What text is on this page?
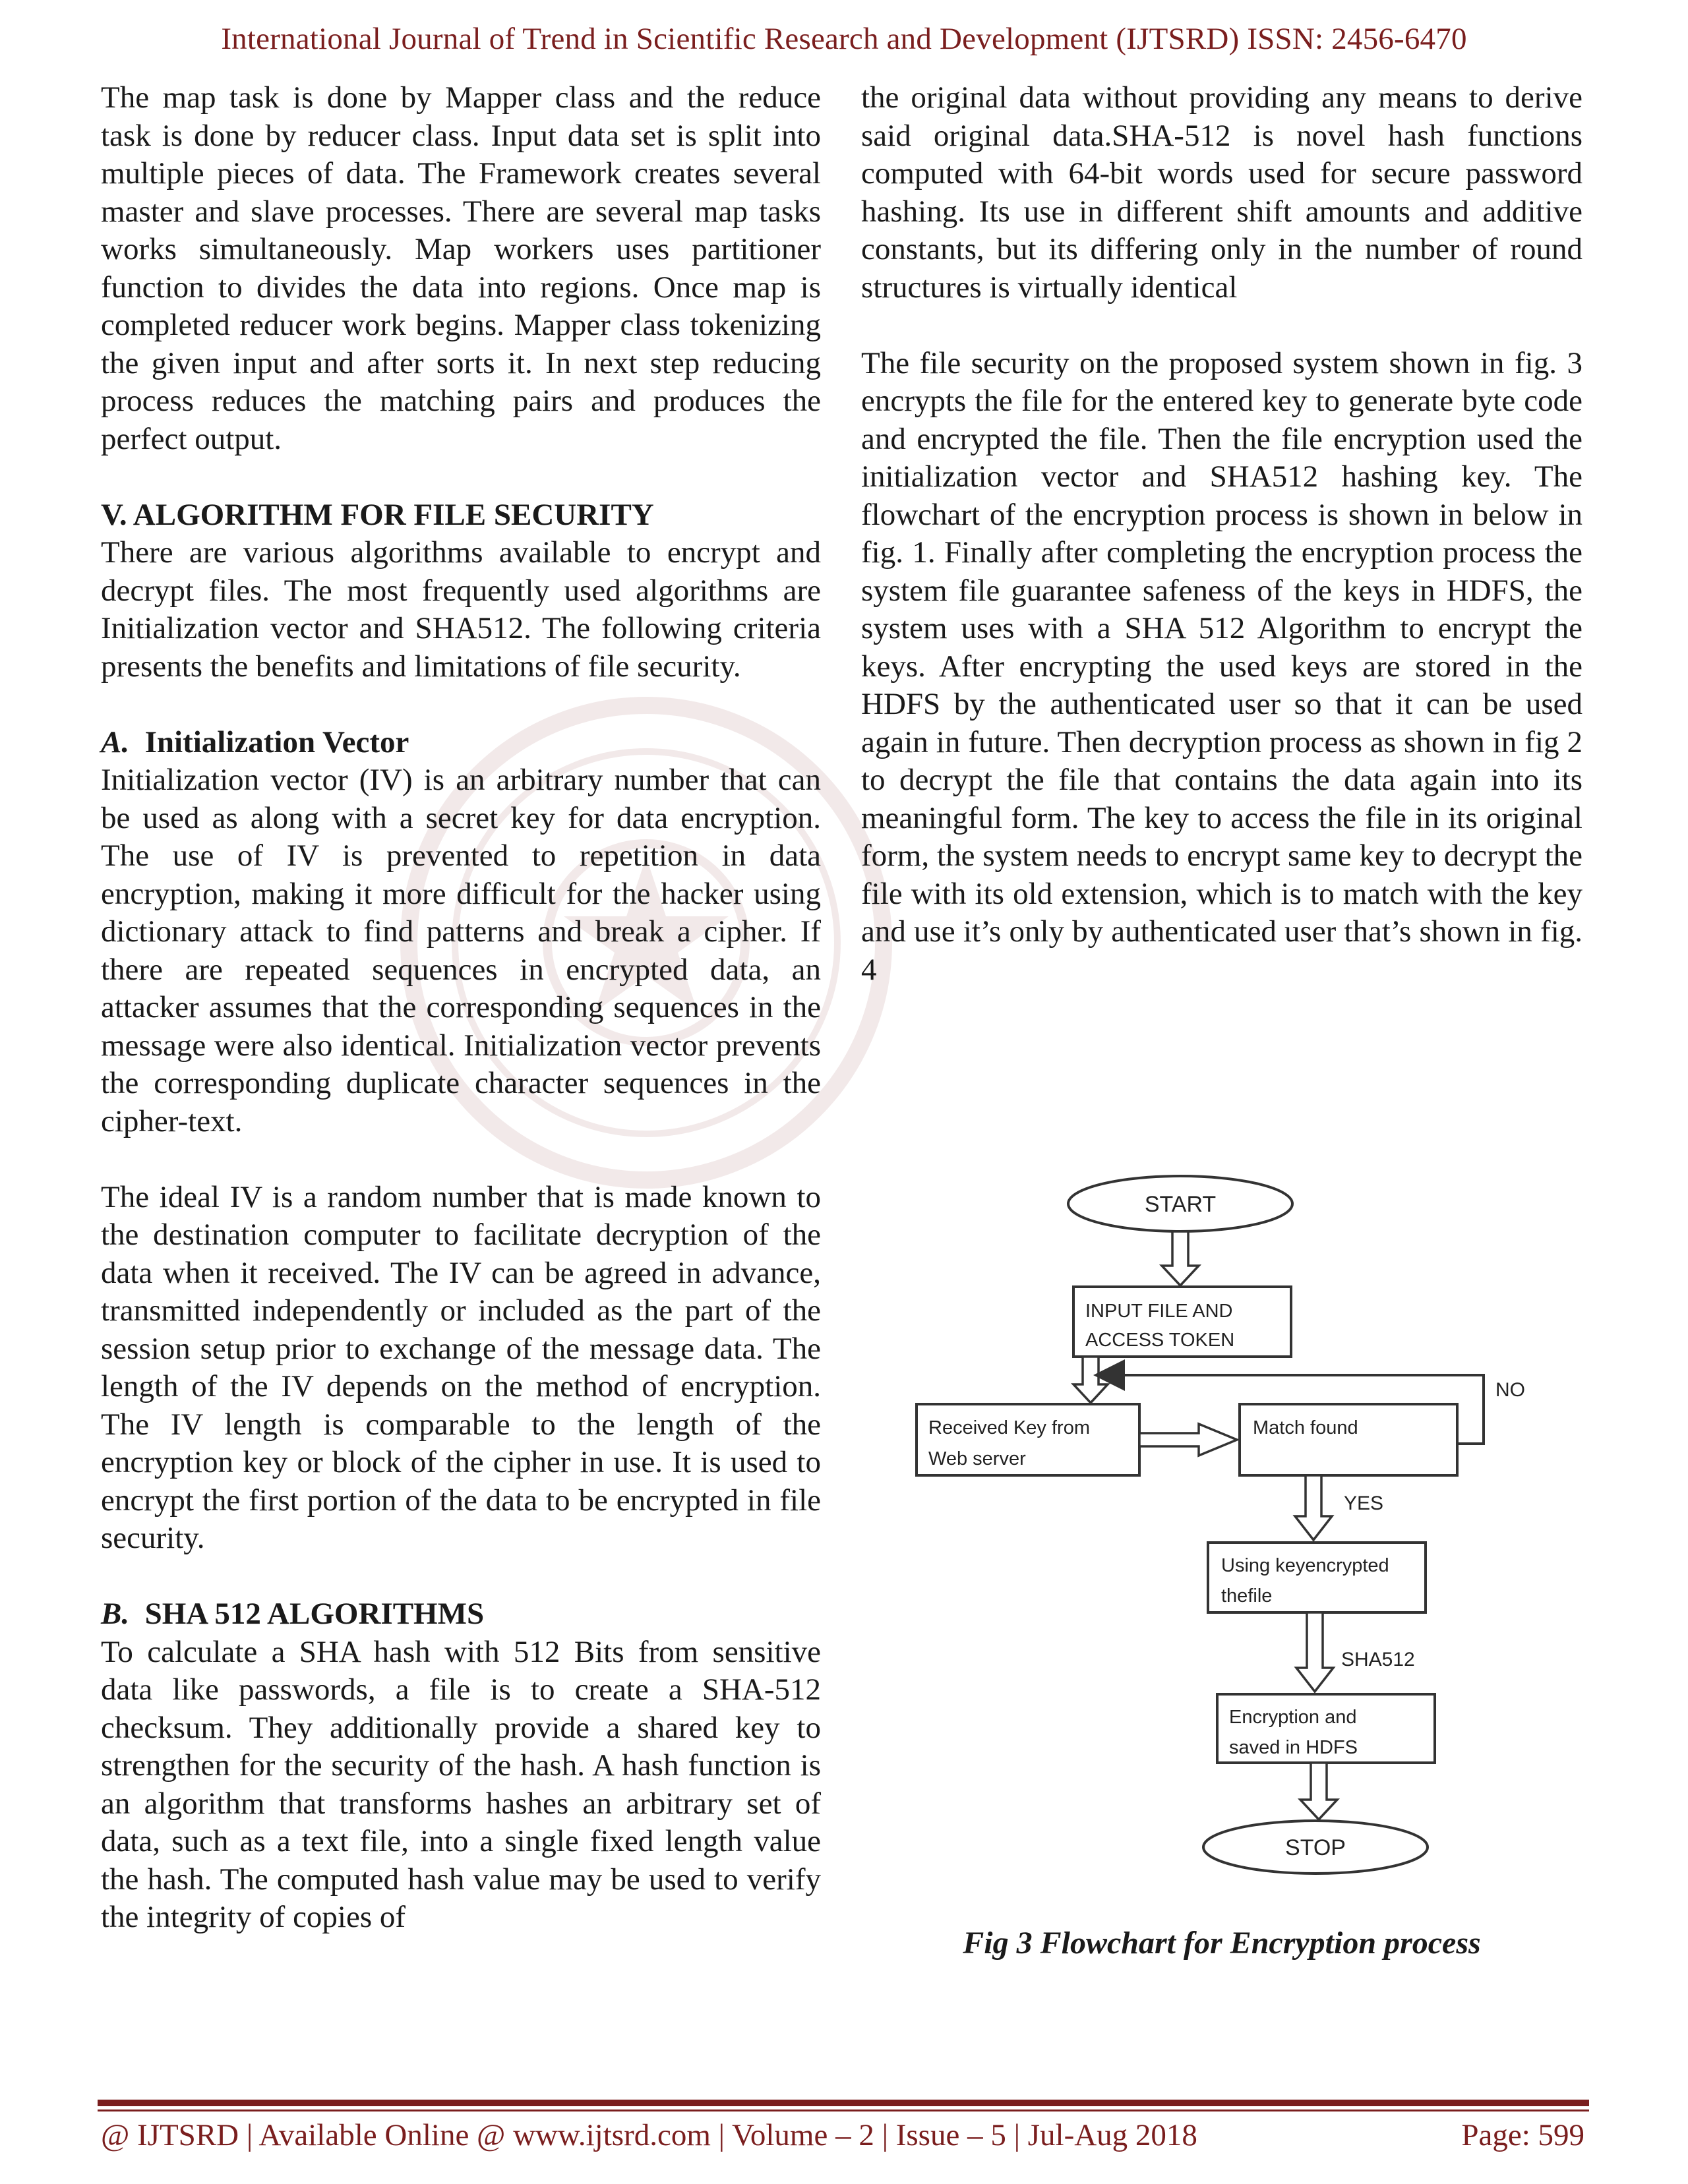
International Journal of Trend in Scientific Research and Development (IJTSRD) ISSN: 2456-6470

The map task is done by Mapper class and the reduce task is done by reducer class. Input data set is split into multiple pieces of data. The Framework creates several master and slave processes. There are several map tasks works simultaneously. Map workers uses partitioner function to divides the data into regions. Once map is completed reducer work begins. Mapper class tokenizing the given input and after sorts it. In next step reducing process reduces the matching pairs and produces the perfect output.

V. ALGORITHM FOR FILE SECURITY

There are various algorithms available to encrypt and decrypt files. The most frequently used algorithms are Initialization vector and SHA512. The following criteria presents the benefits and limitations of file security.

A. Initialization Vector

Initialization vector (IV) is an arbitrary number that can be used as along with a secret key for data encryption. The use of IV is prevented to repetition in data encryption, making it more difficult for the hacker using dictionary attack to find patterns and break a cipher. If there are repeated sequences in encrypted data, an attacker assumes that the corresponding sequences in the message were also identical. Initialization vector prevents the corresponding duplicate character sequences in the cipher-text.

The ideal IV is a random number that is made known to the destination computer to facilitate decryption of the data when it received. The IV can be agreed in advance, transmitted independently or included as the part of the session setup prior to exchange of the message data. The length of the IV depends on the method of encryption. The IV length is comparable to the length of the encryption key or block of the cipher in use. It is used to encrypt the first portion of the data to be encrypted in file security.

B. SHA 512 ALGORITHMS

To calculate a SHA hash with 512 Bits from sensitive data like passwords, a file is to create a SHA-512 checksum. They additionally provide a shared key to strengthen for the security of the hash. A hash function is an algorithm that transforms hashes an arbitrary set of data, such as a text file, into a single fixed length value the hash. The computed hash value may be used to verify the integrity of copies of

the original data without providing any means to derive said original data.SHA-512 is novel hash functions computed with 64-bit words used for secure password hashing. Its use in different shift amounts and additive constants, but its differing only in the number of round structures is virtually identical

The file security on the proposed system shown in fig. 3 encrypts the file for the entered key to generate byte code and encrypted the file. Then the file encryption used the initialization vector and SHA512 hashing key. The flowchart of the encryption process is shown in below in fig. 1. Finally after completing the encryption process the system file guarantee safeness of the keys in HDFS, the system uses with a SHA 512 Algorithm to encrypt the keys. After encrypting the used keys are stored in the HDFS by the authenticated user so that it can be used again in future. Then decryption process as shown in fig 2 to decrypt the file that contains the data again into its meaningful form. The key to access the file in its original form, the system needs to encrypt same key to decrypt the file with its old extension, which is to match with the key and use it’s only by authenticated user that’s shown in fig. 4

START
INPUT FILE AND
ACCESS TOKEN
Received Key from
Web server
Match found
NO
YES
Using keyencrypted
thefile
SHA512
Encryption and
saved in HDFS
STOP
Fig 3 Flowchart for Encryption process
@ IJTSRD | Available Online @ www.ijtsrd.com | Volume – 2 | Issue – 5 | Jul-Aug 2018	Page: 599
